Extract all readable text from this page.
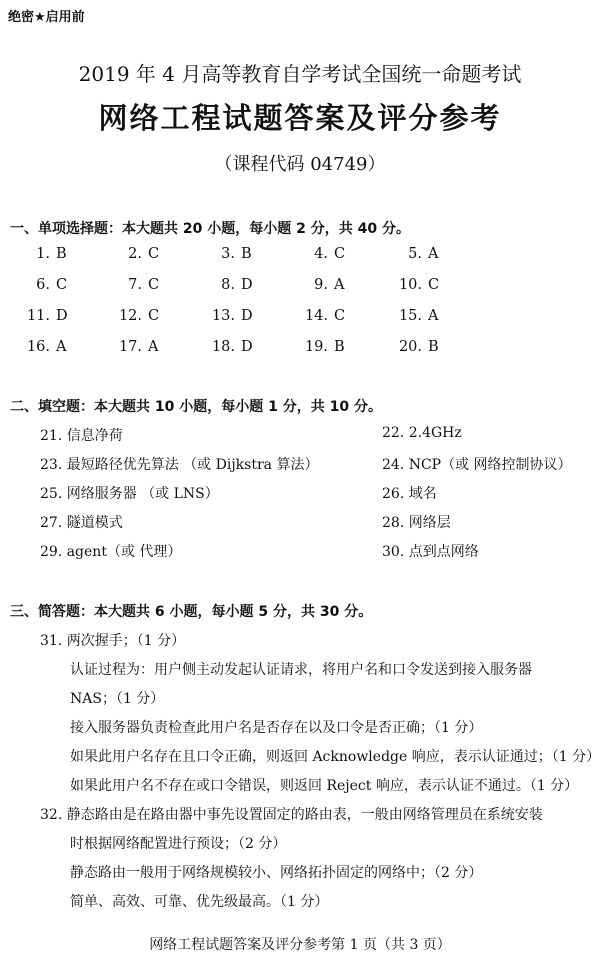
绝密★启用前
2019 年 4 月高等教育自学考试全国统一命题考试
网络工程试题答案及评分参考
（课程代码 04749）
一、单项选择题：本大题共 20 小题，每小题 2 分，共 40 分。
1. B	2. C	3. B	4. C	5. A
6. C	7. C	8. D	9. A	10. C
11. D	12. C	13. D	14. C	15. A
16. A	17. A	18. D	19. B	20. B
二、填空题：本大题共 10 小题，每小题 1 分，共 10 分。
21. 信息净荷	22. 2.4GHz
23. 最短路径优先算法 （或 Dijkstra 算法）	24. NCP（或 网络控制协议）
25. 网络服务器 （或 LNS）	26. 域名
27. 隧道模式	28. 网络层
29. agent（或 代理）	30. 点到点网络
三、简答题：本大题共 6 小题，每小题 5 分，共 30 分。
31. 两次握手；（1 分）
认证过程为：用户侧主动发起认证请求，将用户名和口令发送到接入服务器
NAS；（1 分）
接入服务器负责检查此用户名是否存在以及口令是否正确；（1 分）
如果此用户名存在且口令正确，则返回 Acknowledge 响应，表示认证通过；（1 分）
如果此用户名不存在或口令错误，则返回 Reject 响应，表示认证不通过。（1 分）
32. 静态路由是在路由器中事先设置固定的路由表，一般由网络管理员在系统安装
时根据网络配置进行预设；（2 分）
静态路由一般用于网络规模较小、网络拓扑固定的网络中；（2 分）
简单、高效、可靠、优先级最高。（1 分）
网络工程试题答案及评分参考第 1 页（共 3 页）
